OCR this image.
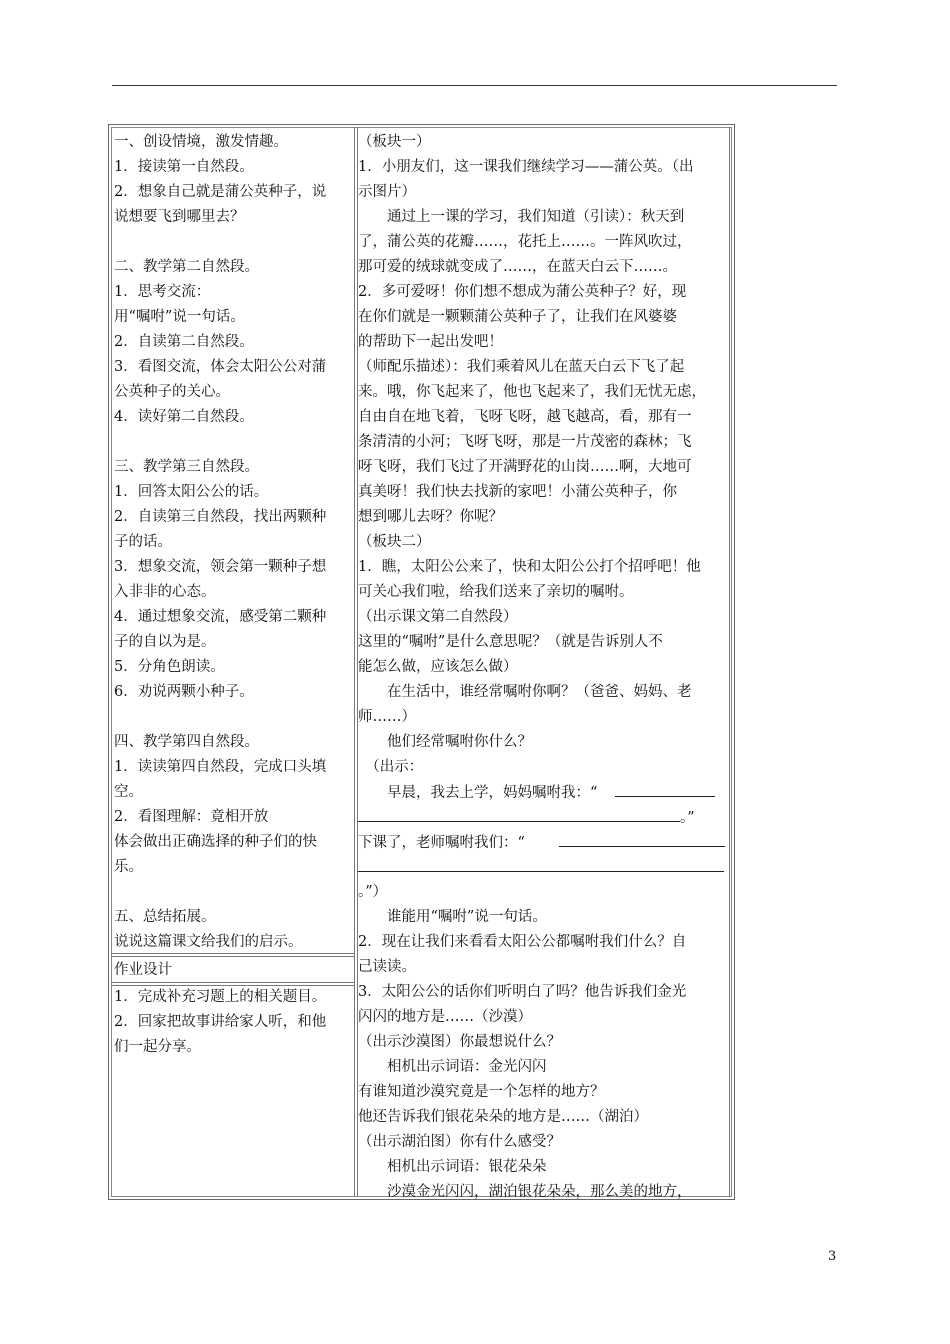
一、创设情境，激发情趣。
1．接读第一自然段。
2．想象自己就是蒲公英种子，说
说想要飞到哪里去？
二、教学第二自然段。
1．思考交流：
用“嘱咐”说一句话。
2．自读第二自然段。
3．看图交流，体会太阳公公对蒲
公英种子的关心。
4．读好第二自然段。
三、教学第三自然段。
1．回答太阳公公的话。
2．自读第三自然段，找出两颗种
子的话。
3．想象交流，领会第一颗种子想
入非非的心态。
4．通过想象交流，感受第二颗种
子的自以为是。
5．分角色朗读。
6．劝说两颗小种子。
四、教学第四自然段。
1．读读第四自然段，完成口头填
空。
2．看图理解：竟相开放
体会做出正确选择的种子们的快
乐。
五、总结拓展。
说说这篇课文给我们的启示。
作业设计
1．完成补充习题上的相关题目。
2．回家把故事讲给家人听，和他
们一起分享。
（板块一）
1．小朋友们，这一课我们继续学习——蒲公英。（出
示图片）
　　通过上一课的学习，我们知道（引读）：秋天到
了，蒲公英的花瓣……，花托上……。一阵风吹过，
那可爱的绒球就变成了……，在蓝天白云下……。
2．多可爱呀！你们想不想成为蒲公英种子？好，现
在你们就是一颗颗蒲公英种子了，让我们在风婆婆
的帮助下一起出发吧！
（师配乐描述）：我们乘着风儿在蓝天白云下飞了起
来。哦，你飞起来了，他也飞起来了，我们无忧无虑，
自由自在地飞着，飞呀飞呀，越飞越高，看，那有一
条清清的小河；飞呀飞呀，那是一片茂密的森林；飞
呀飞呀，我们飞过了开满野花的山岗……啊，大地可
真美呀！我们快去找新的家吧！小蒲公英种子，你
想到哪儿去呀？你呢？
（板块二）
1．瞧，太阳公公来了，快和太阳公公打个招呼吧！他
可关心我们啦，给我们送来了亲切的嘱咐。
（出示课文第二自然段）
这里的“嘱咐”是什么意思呢？（就是告诉别人不
能怎么做，应该怎么做）
　　在生活中，谁经常嘱咐你啊？（爸爸、妈妈、老
师……）
　　他们经常嘱咐你什么？
　（出示：
　　早晨，我去上学，妈妈嘱咐我：“
。”
下课了，老师嘱咐我们：“
。”）
　　谁能用“嘱咐”说一句话。
2．现在让我们来看看太阳公公都嘱咐我们什么？自
己读读。
3．太阳公公的话你们听明白了吗？他告诉我们金光
闪闪的地方是……（沙漠）
（出示沙漠图）你最想说什么？
　　相机出示词语：金光闪闪
有谁知道沙漠究竟是一个怎样的地方？
他还告诉我们银花朵朵的地方是……（湖泊）
（出示湖泊图）你有什么感受？
　　相机出示词语：银花朵朵
　　沙漠金光闪闪，湖泊银花朵朵，那么美的地方，
3
